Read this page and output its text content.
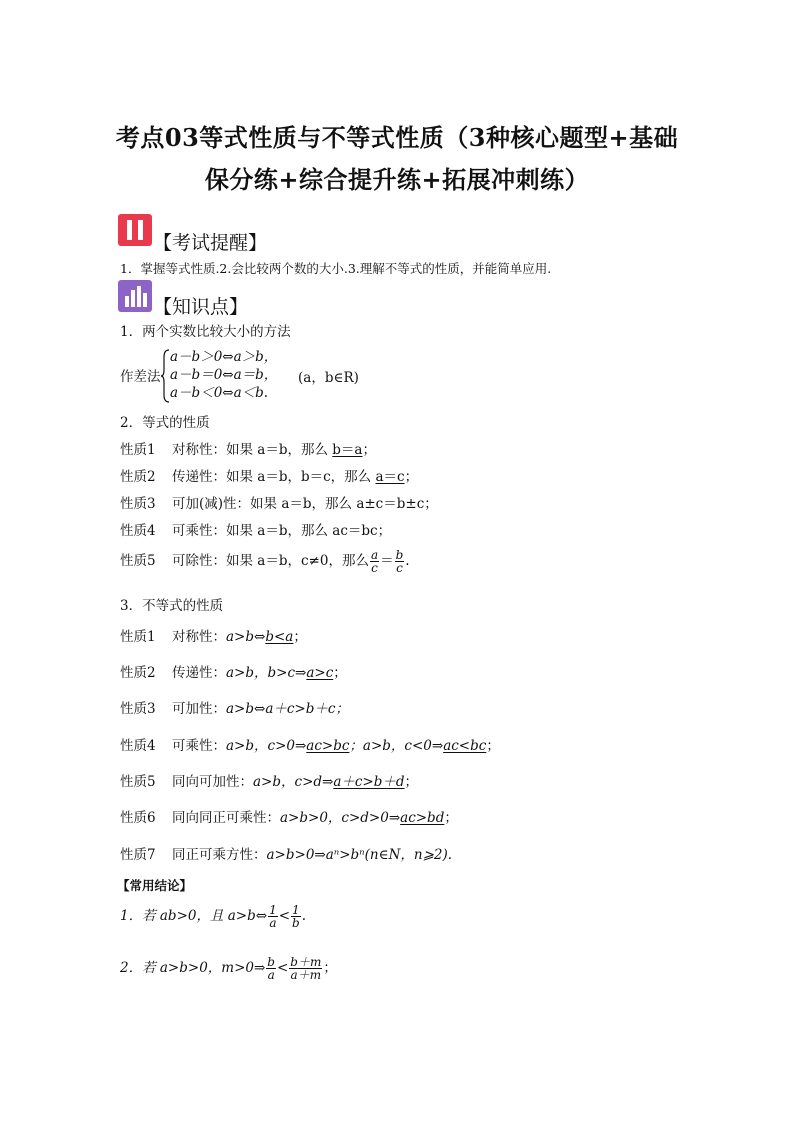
考点03等式性质与不等式性质（3种核心题型+基础
保分练+综合提升练+拓展冲刺练）
【考试提醒】
1．掌握等式性质.2.会比较两个数的大小.3.理解不等式的性质，并能简单应用.
【知识点】
1．两个实数比较大小的方法
作差法
a－b＞0⇔a＞b，
a－b＝0⇔a＝b，
a－b＜0⇔a＜b.
(a，b∈R)
2．等式的性质
性质1 对称性：如果 a＝b，那么 b＝a；
性质2 传递性：如果 a＝b，b＝c，那么 a＝c；
性质3 可加(减)性：如果 a＝b，那么 a±c＝b±c；
性质4 可乘性：如果 a＝b，那么 ac＝bc；
性质5 可除性：如果 a＝b，c≠0，那么 $\frac{a}{c} = \frac{b}{c}$ .
3．不等式的性质
性质1 对称性：a>b⇔b<a；
性质2 传递性：a>b，b>c⇒a>c；
性质3 可加性：a>b⇔a＋c>b＋c；
性质4 可乘性：a>b，c>0⇒ac>bc；a>b，c<0⇒ac<bc；
性质5 同向可加性：a>b，c>d⇒a＋c>b＋d；
性质6 同向同正可乘性：a>b>0，c>d>0⇒ac>bd；
性质7 同正可乘方性：a>b>0⇒aⁿ>bⁿ(n∈N，n⩾2).
【常用结论】
1．若 ab>0，且 a>b⇔ $\frac{1}{a} < \frac{1}{b}$ .
2．若 a>b>0，m>0⇒ $\frac{b}{a} < \frac{b+m}{a+m}$ ；
